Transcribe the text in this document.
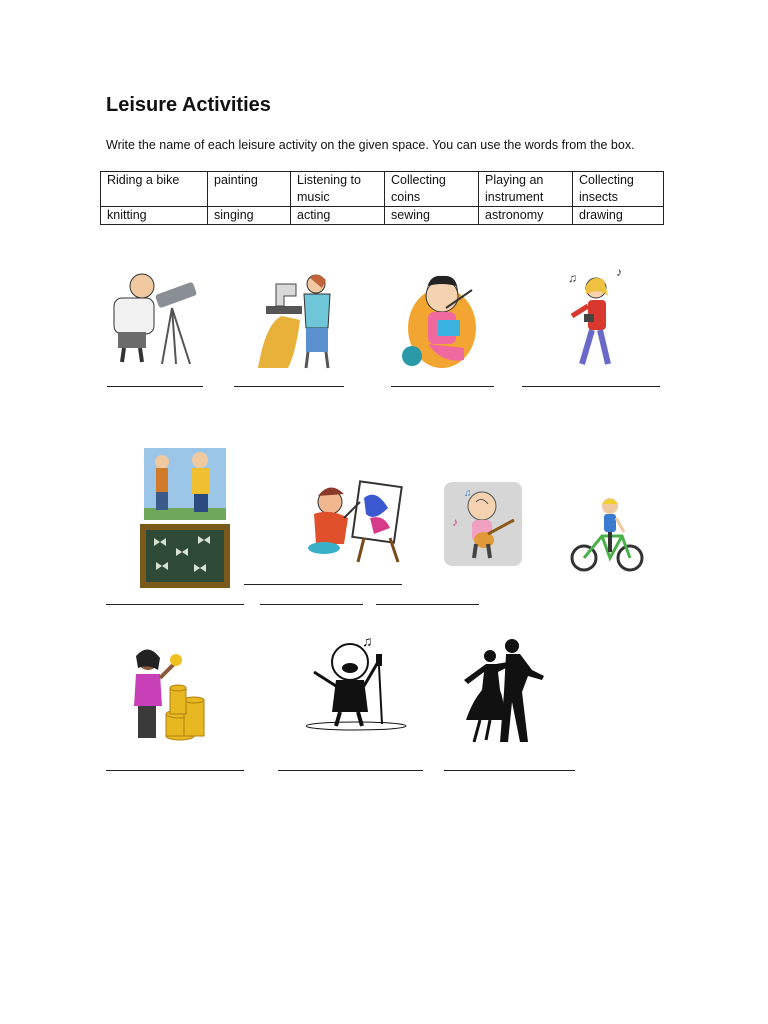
Leisure Activities

Write the name of each leisure activity on the given space. You can use the words from the box.

Riding a bike	painting	Listening to music	Collecting coins	Playing an instrument	Collecting insects
knitting	singing	acting	sewing	astronomy	drawing
♫	♪
♪
♫
♫
